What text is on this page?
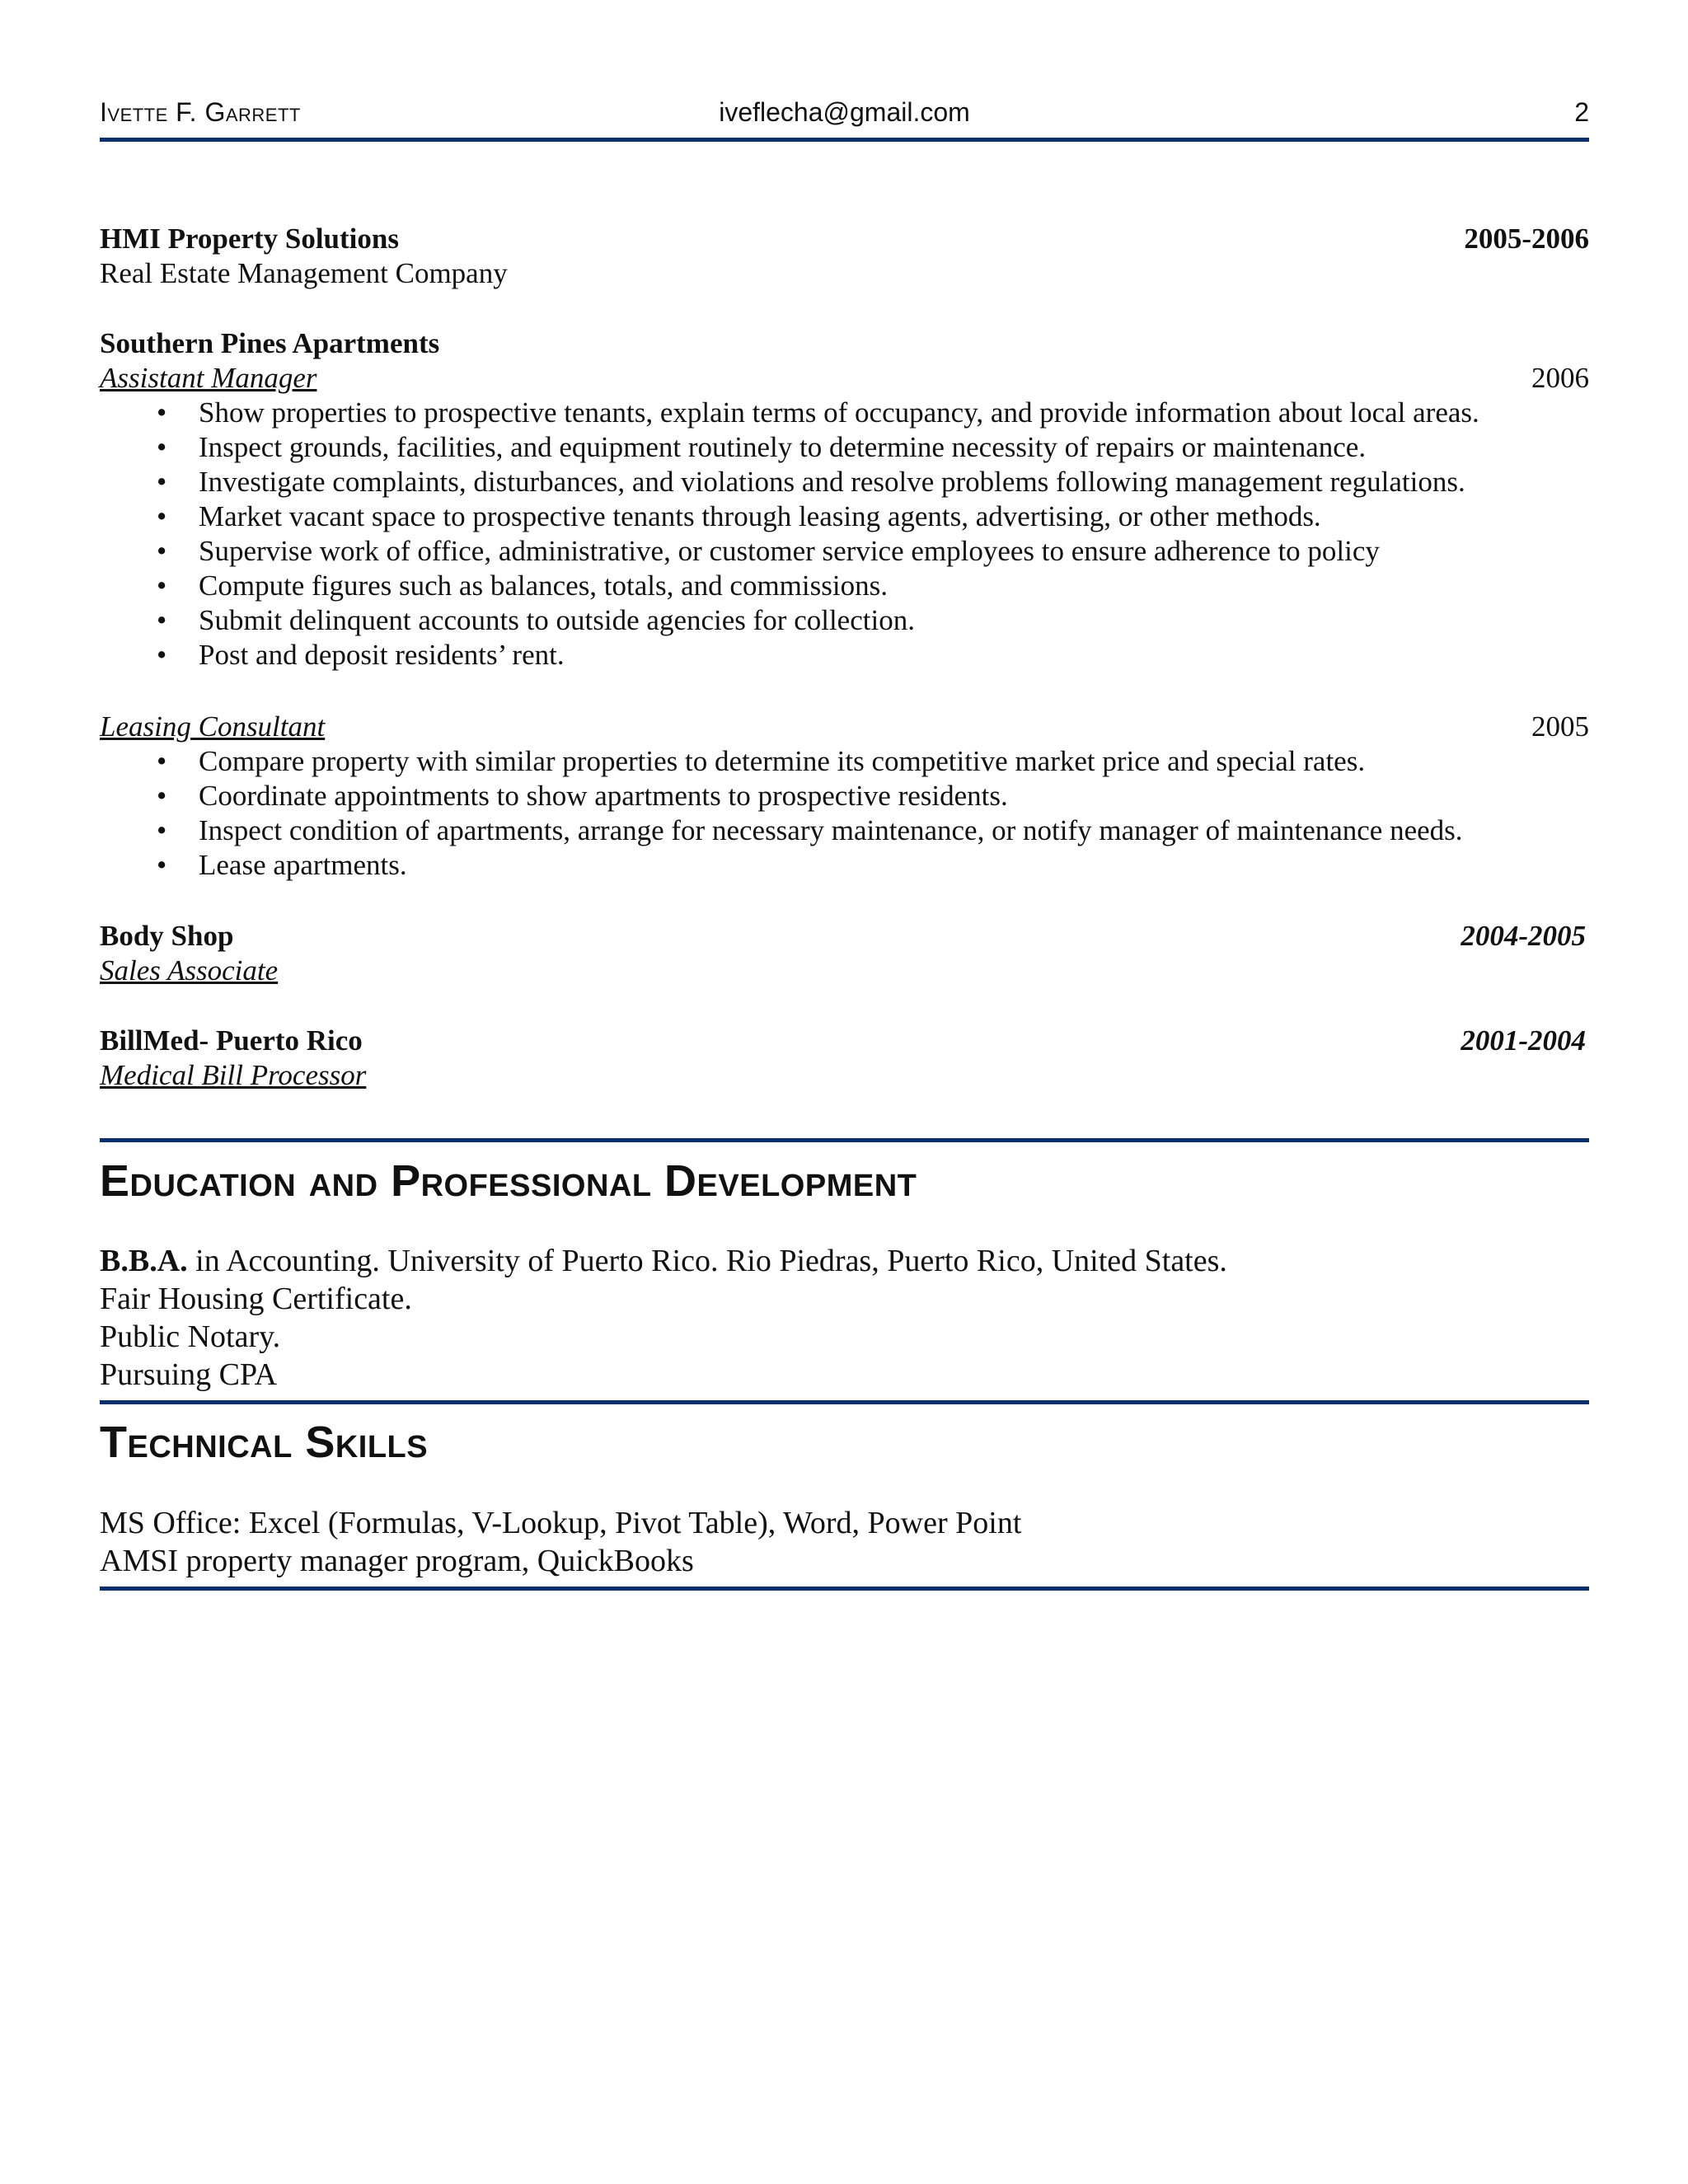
Ivette F. Garrett	iveflecha@gmail.com	2
HMI Property Solutions	2005-2006
Real Estate Management Company
Southern Pines Apartments
Assistant Manager	2006
• Show properties to prospective tenants, explain terms of occupancy, and provide information about local areas.
• Inspect grounds, facilities, and equipment routinely to determine necessity of repairs or maintenance.
• Investigate complaints, disturbances, and violations and resolve problems following management regulations.
• Market vacant space to prospective tenants through leasing agents, advertising, or other methods.
• Supervise work of office, administrative, or customer service employees to ensure adherence to policy
• Compute figures such as balances, totals, and commissions.
• Submit delinquent accounts to outside agencies for collection.
• Post and deposit residents’ rent.
Leasing Consultant	2005
• Compare property with similar properties to determine its competitive market price and special rates.
• Coordinate appointments to show apartments to prospective residents.
• Inspect condition of apartments, arrange for necessary maintenance, or notify manager of maintenance needs.
• Lease apartments.
Body Shop	2004-2005
Sales Associate
BillMed- Puerto Rico	2001-2004
Medical Bill Processor
Education and Professional Development
B.B.A. in Accounting. University of Puerto Rico. Rio Piedras, Puerto Rico, United States.
Fair Housing Certificate.
Public Notary.
Pursuing CPA
Technical Skills
MS Office: Excel (Formulas, V-Lookup, Pivot Table), Word, Power Point
AMSI property manager program, QuickBooks
